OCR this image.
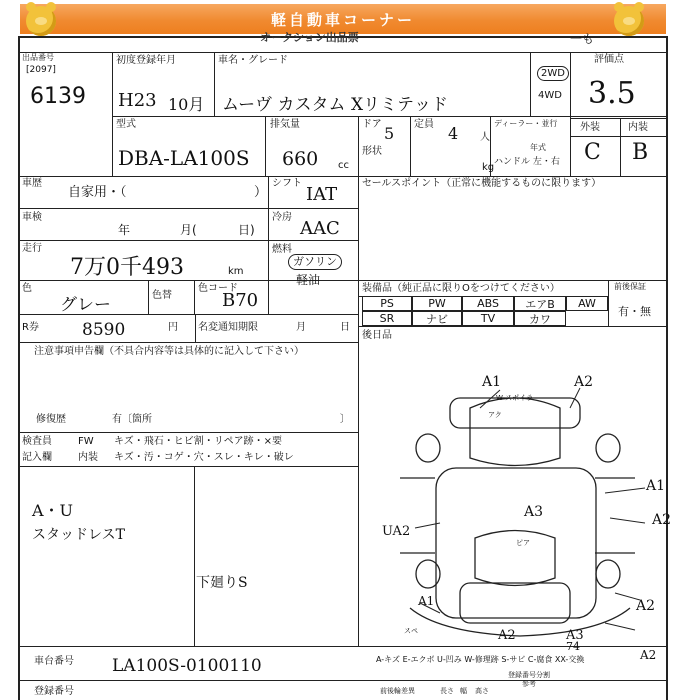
軽自動車コーナー
オークション出品票	一も
出品番号
[2097]
6139
初度登録年月
H23 10月
車名・グレード
ムーヴ カスタム Xリミテッド
2WD
4WD
評価点
3.5
型式
DBA-LA100S
排気量
660 cc
ドア 5 定員 4 人
形状
kg
ディーラー・並行
年式
ハンドル 左・右
外装	内装
C B
車歴
自家用・（	）
シフト
IAT
車検
年	月(	日)
冷房
AAC
走行
7万0千493	km
燃料
ガソリン
軽油
色
グレー	色替
色コード
B70
R券	8590	円 名変通知期限	月	日
注意事項申告欄（不具合内容等は具体的に記入して下さい）
修復歴	有〔箇所	〕
検査員
記入欄
FW キズ・飛石・ヒビ割・リペア跡・×要
内装 キズ・汚・コゲ・穴・スレ・キレ・破レ
A・U
スタッドレスT
下廻りS
セールスポイント（正常に機能するものに限ります）
装備品（純正品に限りOをつけてください）	前後保証
有・無
PS	PW	ABS	エアB	AW
SR	ナビ	TV	カワ
後日品
A1	A2
A1
A2
UA2
A3
A1	A2
A2	A3
A2
スペ
アク
ピア
74
W-スポイラ
A-キズ E-エクボ U-凹み W-修理跡 S-サビ C-腐食 XX-交換
車台番号 LA100S-0100110
登録番号	前後輪差異	長さ 幅 高さ
登録番号分割
参考
